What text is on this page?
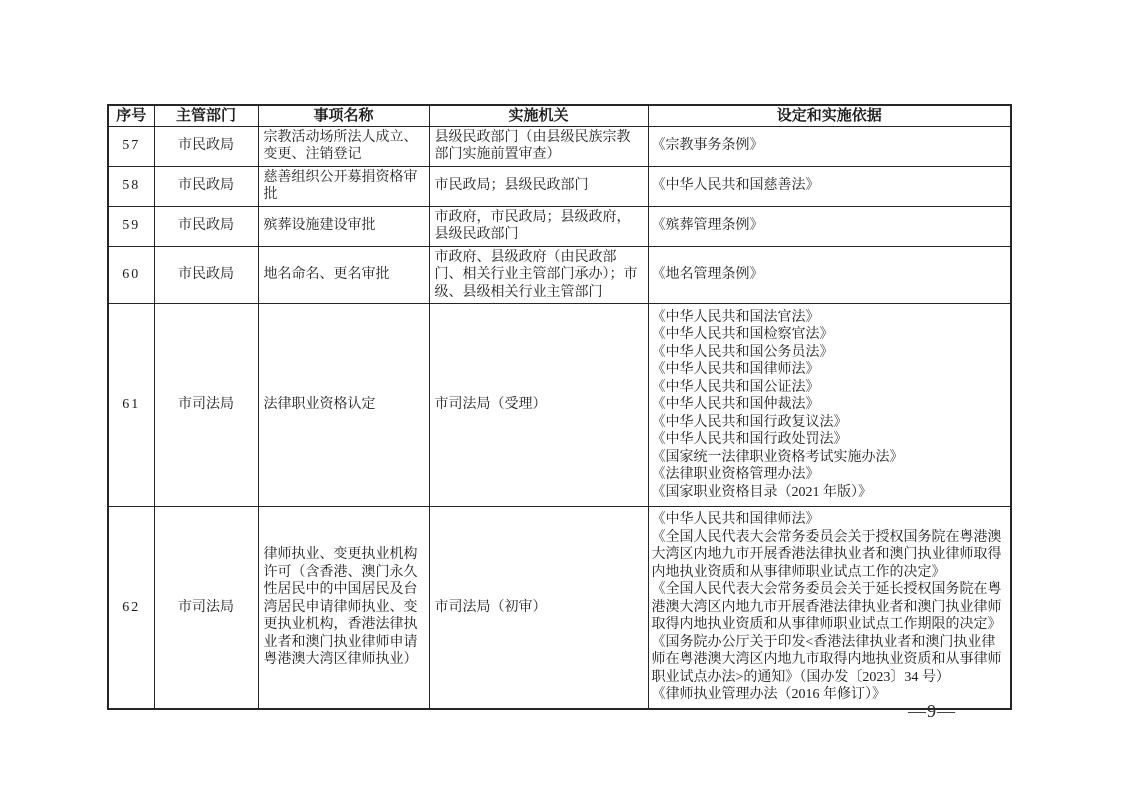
序号	主管部门	事项名称	实施机关	设定和实施依据
57	市民政局	宗教活动场所法人成立、变更、注销登记	县级民政部门（由县级民族宗教部门实施前置审查）	《宗教事务条例》

58	市民政局	慈善组织公开募捐资格审批	市民政局；县级民政部门	《中华人民共和国慈善法》

59	市民政局	殡葬设施建设审批	市政府，市民政局；县级政府，县级民政部门	《殡葬管理条例》

60	市民政局	地名命名、更名审批	市政府、县级政府（由民政部门、相关行业主管部门承办）；市级、县级相关行业主管部门	《地名管理条例》

61	市司法局	法律职业资格认定	市司法局（受理）	
《中华人民共和国法官法》
《中华人民共和国检察官法》
《中华人民共和国公务员法》
《中华人民共和国律师法》
《中华人民共和国公证法》
《中华人民共和国仲裁法》
《中华人民共和国行政复议法》
《中华人民共和国行政处罚法》
《国家统一法律职业资格考试实施办法》
《法律职业资格管理办法》
《国家职业资格目录（2021 年版）》

62	市司法局	律师执业、变更执业机构许可（含香港、澳门永久性居民中的中国居民及台湾居民申请律师执业、变更执业机构，香港法律执业者和澳门执业律师申请粤港澳大湾区律师执业）	市司法局（初审）	《中华人民共和国律师法》
《全国人民代表大会常务委员会关于授权国务院在粤港澳大湾区内地九市开展香港法律执业者和澳门执业律师取得内地执业资质和从事律师职业试点工作的决定》
《全国人民代表大会常务委员会关于延长授权国务院在粤港澳大湾区内地九市开展香港法律执业者和澳门执业律师取得内地执业资质和从事律师职业试点工作期限的决定》
《国务院办公厅关于印发<香港法律执业者和澳门执业律师在粤港澳大湾区内地九市取得内地执业资质和从事律师职业试点办法>的通知》（国办发〔2023〕34 号）
《律师执业管理办法（2016 年修订）》
—9—
